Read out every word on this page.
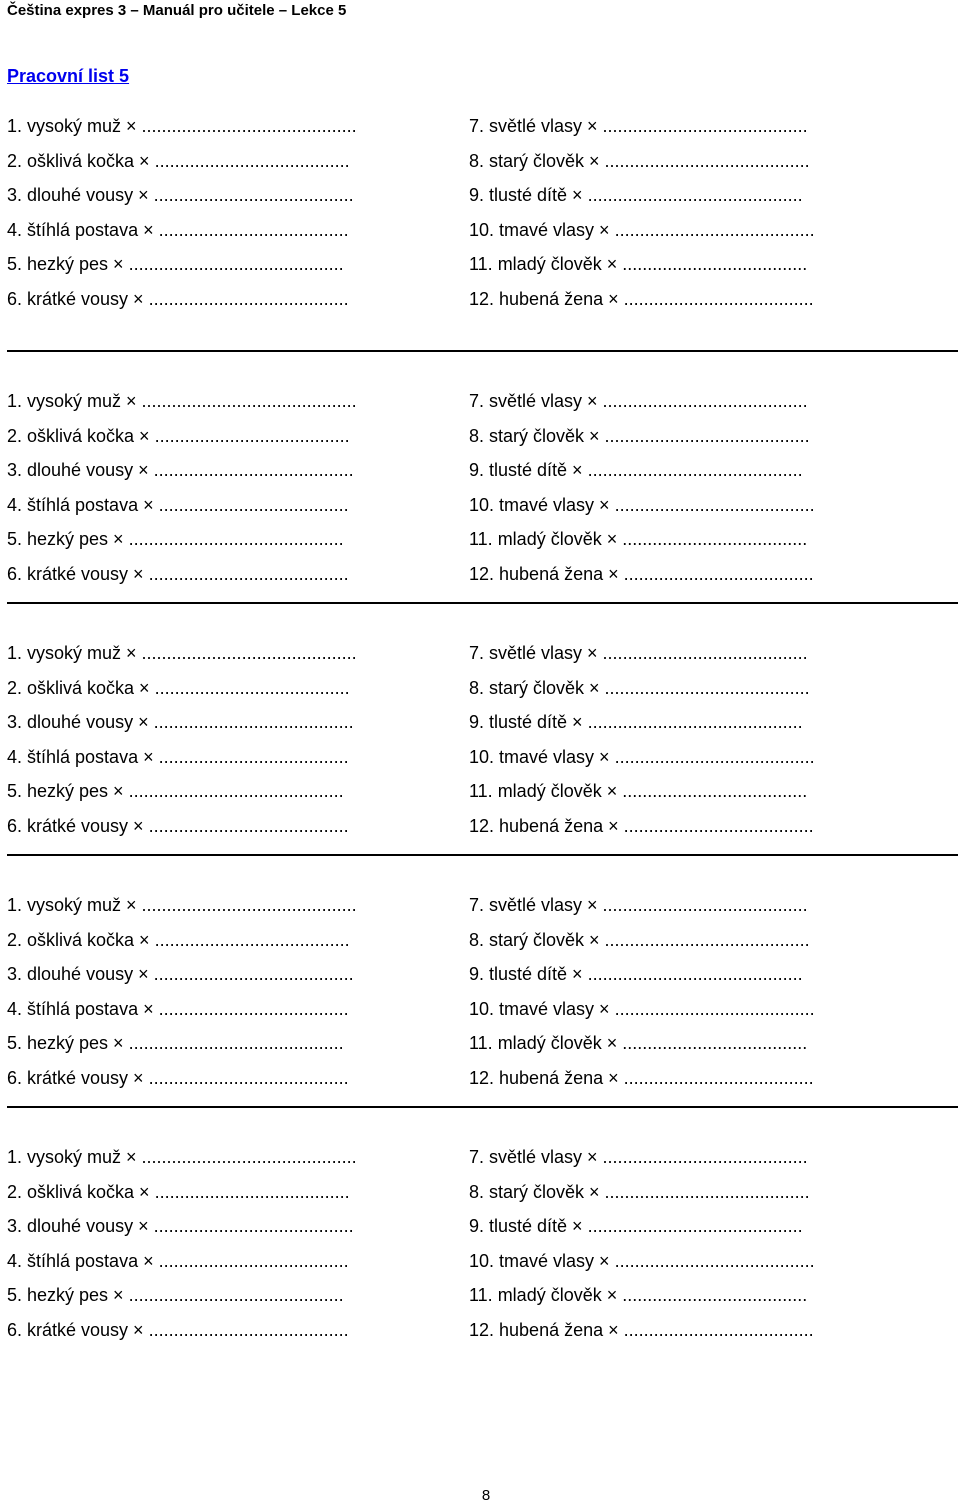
Čeština expres 3 – Manuál pro učitele – Lekce 5
Pracovní list 5
1. vysoký muž × ...........................................	7. světlé vlasy × .........................................
2. ošklivá kočka × .......................................	8. starý člověk × .........................................
3. dlouhé vousy × ........................................	9. tlusté dítě × ...........................................
4. štíhlá postava × ......................................	10. tmavé vlasy × ........................................
5. hezký pes × ...........................................	11. mladý člověk × .....................................
6. krátké vousy × ........................................	12. hubená žena × ......................................
1. vysoký muž × ...........................................	7. světlé vlasy × .........................................
2. ošklivá kočka × .......................................	8. starý člověk × .........................................
3. dlouhé vousy × ........................................	9. tlusté dítě × ...........................................
4. štíhlá postava × ......................................	10. tmavé vlasy × ........................................
5. hezký pes × ...........................................	11. mladý člověk × .....................................
6. krátké vousy × ........................................	12. hubená žena × ......................................
1. vysoký muž × ...........................................	7. světlé vlasy × .........................................
2. ošklivá kočka × .......................................	8. starý člověk × .........................................
3. dlouhé vousy × ........................................	9. tlusté dítě × ...........................................
4. štíhlá postava × ......................................	10. tmavé vlasy × ........................................
5. hezký pes × ...........................................	11. mladý člověk × .....................................
6. krátké vousy × ........................................	12. hubená žena × ......................................
1. vysoký muž × ...........................................	7. světlé vlasy × .........................................
2. ošklivá kočka × .......................................	8. starý člověk × .........................................
3. dlouhé vousy × ........................................	9. tlusté dítě × ...........................................
4. štíhlá postava × ......................................	10. tmavé vlasy × ........................................
5. hezký pes × ...........................................	11. mladý člověk × .....................................
6. krátké vousy × ........................................	12. hubená žena × ......................................
1. vysoký muž × ...........................................	7. světlé vlasy × .........................................
2. ošklivá kočka × .......................................	8. starý člověk × .........................................
3. dlouhé vousy × ........................................	9. tlusté dítě × ...........................................
4. štíhlá postava × ......................................	10. tmavé vlasy × ........................................
5. hezký pes × ...........................................	11. mladý člověk × .....................................
6. krátké vousy × ........................................	12. hubená žena × ......................................
8
